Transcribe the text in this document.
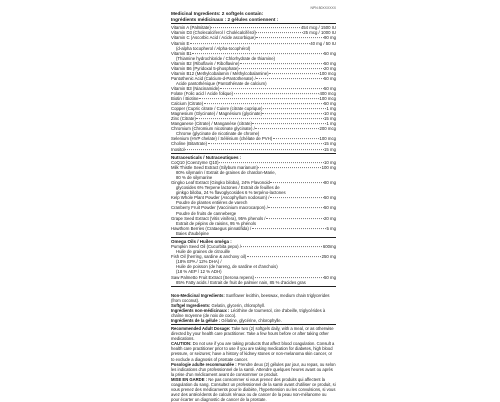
NPN 80XXXXXX
Medicinal Ingredients: 2 softgels contain:
Ingrédients médicinaux : 2 gélules contiennent :
Vitamin A (Palmitate)	454 mcg / 1500 IU
Vitamin D3 (Cholecalciferol / Cholécalciférol)	25 mcg / 1000 IU
Vitamin C (Ascorbic Acid / Acide ascorbique)	90 mg
Vitamin E	40 mg / 50 IU
(d-alpha tocopherol / Alpha-tocophérol)
Vitamin B1	50 mg
(Thiamine hydrochloride / Chlorhydrate de thiamine)
Vitamin B2 (Riboflavin / Riboflavine)	50 mg
Vitamin B6 (Pyridoxal 5-phosphate)	20 mg
Vitamin B12 (Methylcobalamin / Méthylcobalamine)	100 mcg
Pantothenic Acid (Calcium-d-Pantothenate) /	50 mg
Acide pantothénique (Pantothénate de calcium)
Vitamin B3 (Niacinamide)	50 mg
Folate (Folic acid / Acide folique)	400 mcg
Biotin / Biotine	100 mcg
Calcium (Citrate)	50 mg
Copper (Cupric citrate / Cuivre (citrate cuprique)	1 mg
Magnesium (Glycinate) / Magnésium (glycinate)	10 mg
Zinc (Citrate)	15 mg
Manganese (Citrate) / Manganèse (citrate)	1 mg
Chromium (Chromium nicotinate glycinate) /	200 mcg
Chrome (glycinate de nicotinate de chrome)
Selenium (HVP chelate) / Sélénium (chélate de PVH)	100 mcg
Choline (Bitartrate)	15 mg
Inositol	15 mg
Nutraceuticals / Nutraceutiques :
CoQ10 (Coenzyme Q10)	10 mg
Milk Thistle Seed Extract (Silybum marianum)	100 mg
80% silymarin / Extrait de graines de chardon-Marie,
80 % de silymarine
Gingko Leaf Extract (Gingko biloba), 24% Flavonoid	80 mg
glycosides 6% Terpene lactones / Extrait de feuilles de
ginkgo biloba, 24 % flavoglycosides 6 % terpéno-lactones
Kelp Whole Plant Powder (Ascophyllum nodosum) /	50 mg
Poudre de plantes entières de varech
Cranberry Fruit Powder (Vaccinium macrocarpon) /	50 mg
Poudre de fruits de canneberge
Grape Seed Extract (Vitis vinifera), 95% phenols /	20 mg
Extrait de pépins de raisins, 95 % phénols
Hawthorn Berries (Crataegus pinnatifida) /	5 mg
Baies d'aubépine
Omega Oils / Huiles oméga :
Pumpkin Seed Oil (Cucurbita pepo) /	600mg
Huile de graines de citrouille
Fish Oil (herring, sardine & anchovy oil)	250 mg
(18% EPA / 12% DHA) /
Huile de poisson (de hareng, de sardine et d'anchois)
(18 % AEP / 12 % ADH)
Saw Palmetto Fruit Extract (Serona repens)	50 mg
85% Fatty acids / Extrait de fruit de palmier nain, 85 % d'acides gras

Non-Medicinal Ingredients: Sunflower lecithin, beeswax, medium chain triglycerides (from coconut).
Softgel Ingredients: Gelatin, glycerin, chlorophyll.
Ingrédients non-médicinaux : Lécithine de tournesol, cire d'abeille, triglycérides à chaîne moyenne (de noix de coco).
Ingrédients de la gélule : Gélatine, glycérine, chlorophylle.

Recommended Adult Dosage: Take two (2) softgels daily, with a meal, or as otherwise directed by your health care practitioner. Take a few hours before or after taking other medications.
CAUTION: Do not use if you are taking products that affect blood coagulation. Consult a health care practitioner prior to use if you are taking medication for diabetes, high blood pressure, or seizures; have a history of kidney stones or non-melanoma skin cancer, or to exclude a diagnosis of prostate cancer.
Posologie adulte recommandée : Prendre deux (2) gélules par jour, au repas, ou selon les indications d'un professionnel de la santé. Attendre quelques heures avant ou après la prise d'un médicament avant de consommer ce produit.
MISE EN GARDE : Ne pas consommer si vous prenez des produits qui affectent la coagulation du sang. Consultez un professionnel de la santé avant d'utiliser ce produit, si vous prenez des médicaments pour le diabète, l'hypertension ou les convulsions, si vous avez des antécédents de calculs rénaux ou de cancer de la peau non-mélanome ou pour écarter un diagnostic de cancer de la prostate.
